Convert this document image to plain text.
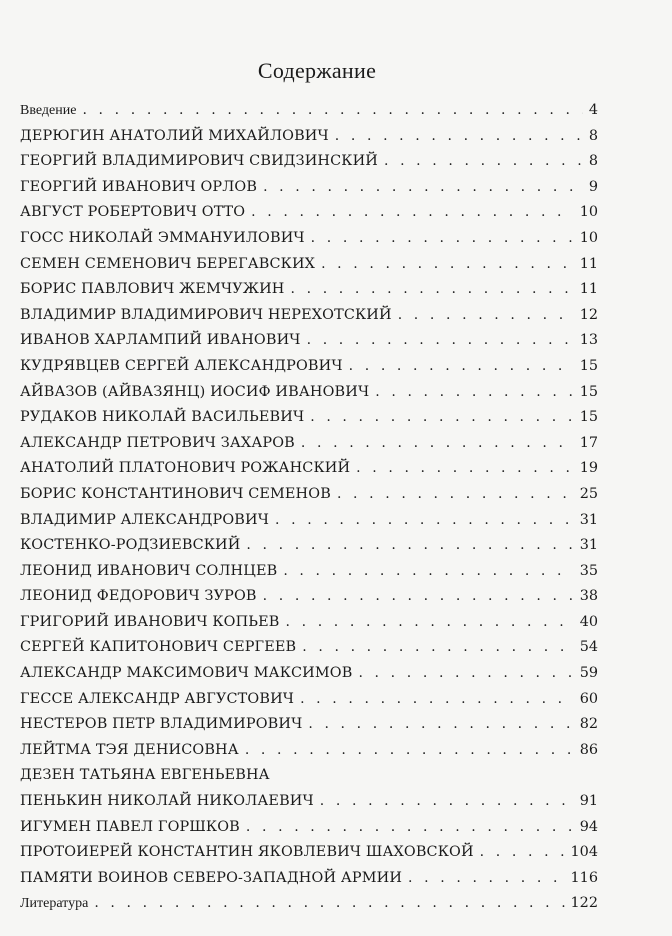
Содержание
Введение . . .	4
ДЕРЮГИН АНАТОЛИЙ МИХАЙЛОВИЧ . . .	8
ГЕОРГИЙ ВЛАДИМИРОВИЧ СВИДЗИНСКИЙ . . .	8
ГЕОРГИЙ ИВАНОВИЧ ОРЛОВ . . .	9
АВГУСТ РОБЕРТОВИЧ ОТТО . . .	10
ГОСС НИКОЛАЙ ЭММАНУИЛОВИЧ . . .	10
СЕМЕН СЕМЕНОВИЧ БЕРЕГАВСКИХ . . .	11
БОРИС ПАВЛОВИЧ ЖЕМЧУЖИН . . .	11
ВЛАДИМИР ВЛАДИМИРОВИЧ НЕРЕХОТСКИЙ . . .	12
ИВАНОВ ХАРЛАМПИЙ ИВАНОВИЧ . . .	13
КУДРЯВЦЕВ СЕРГЕЙ АЛЕКСАНДРОВИЧ . . .	15
АЙВАЗОВ (АЙВАЗЯНЦ) ИОСИФ ИВАНОВИЧ . . .	15
РУДАКОВ НИКОЛАЙ ВАСИЛЬЕВИЧ . . .	15
АЛЕКСАНДР ПЕТРОВИЧ ЗАХАРОВ . . .	17
АНАТОЛИЙ ПЛАТОНОВИЧ РОЖАНСКИЙ . . .	19
БОРИС КОНСТАНТИНОВИЧ СЕМЕНОВ . . .	25
ВЛАДИМИР АЛЕКСАНДРОВИЧ . . .	31
КОСТЕНКО-РОДЗИЕВСКИЙ . . .	31
ЛЕОНИД ИВАНОВИЧ СОЛНЦЕВ . . .	35
ЛЕОНИД ФЕДОРОВИЧ ЗУРОВ . . .	38
ГРИГОРИЙ ИВАНОВИЧ КОПЬЕВ . . .	40
СЕРГЕЙ КАПИТОНОВИЧ СЕРГЕЕВ . . .	54
АЛЕКСАНДР МАКСИМОВИЧ МАКСИМОВ . . .	59
ГЕССЕ АЛЕКСАНДР АВГУСТОВИЧ . . .	60
НЕСТЕРОВ ПЕТР ВЛАДИМИРОВИЧ . . .	82
ЛЕЙТМА ТЭЯ ДЕНИСОВНА . . .	86
ДЕЗЕН ТАТЬЯНА ЕВГЕНЬЕВНА
ПЕНЬКИН НИКОЛАЙ НИКОЛАЕВИЧ . . .	91
ИГУМЕН ПАВЕЛ ГОРШКОВ . . .	94
ПРОТОИЕРЕЙ КОНСТАНТИН ЯКОВЛЕВИЧ ШАХОВСКОЙ . . .	104
ПАМЯТИ ВОИНОВ СЕВЕРО-ЗАПАДНОЙ АРМИИ . . .	116
Литература . . .	122
